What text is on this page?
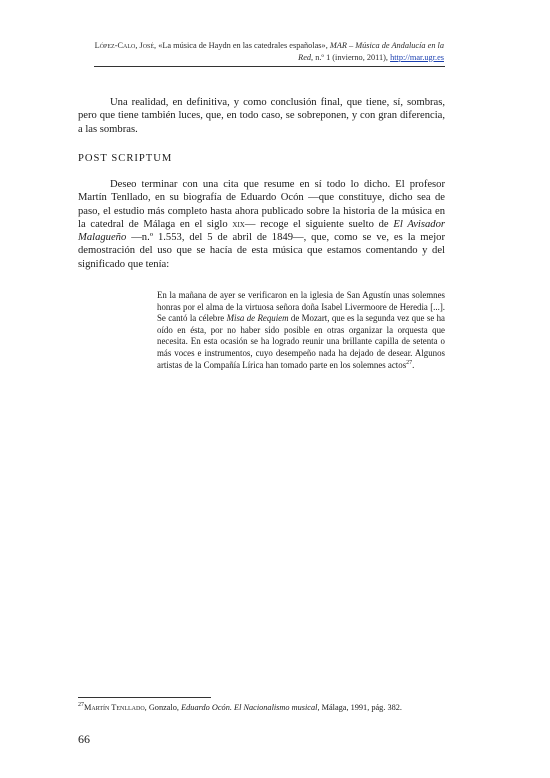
López-Calo, José, «La música de Haydn en las catedrales españolas», MAR – Música de Andalucía en la Red, n.º 1 (invierno, 2011), http://mar.ugr.es
Una realidad, en definitiva, y como conclusión final, que tiene, sí, sombras, pero que tiene también luces, que, en todo caso, se sobreponen, y con gran diferencia, a las sombras.
POST SCRIPTUM
Deseo terminar con una cita que resume en sí todo lo dicho. El profesor Martín Tenllado, en su biografía de Eduardo Ocón —que constituye, dicho sea de paso, el estudio más completo hasta ahora publicado sobre la historia de la música en la catedral de Málaga en el siglo xix— recoge el siguiente suelto de El Avisador Malagueño —n.º 1.553, del 5 de abril de 1849—, que, como se ve, es la mejor demostración del uso que se hacía de esta música que estamos comentando y del significado que tenía:
En la mañana de ayer se verificaron en la iglesia de San Agustín unas solemnes honras por el alma de la virtuosa señora doña Isabel Livermoore de Heredia [...]. Se cantó la célebre Misa de Requiem de Mozart, que es la segunda vez que se ha oído en ésta, por no haber sido posible en otras organizar la orquesta que necesita. En esta ocasión se ha logrado reunir una brillante capilla de setenta o más voces e instrumentos, cuyo desempeño nada ha dejado de desear. Algunos artistas de la Compañía Lírica han tomado parte en los solemnes actos$^{27}$.
$^{27}$Martín Tenllado, Gonzalo, Eduardo Ocón. El Nacionalismo musical, Málaga, 1991, pág. 382.
66
